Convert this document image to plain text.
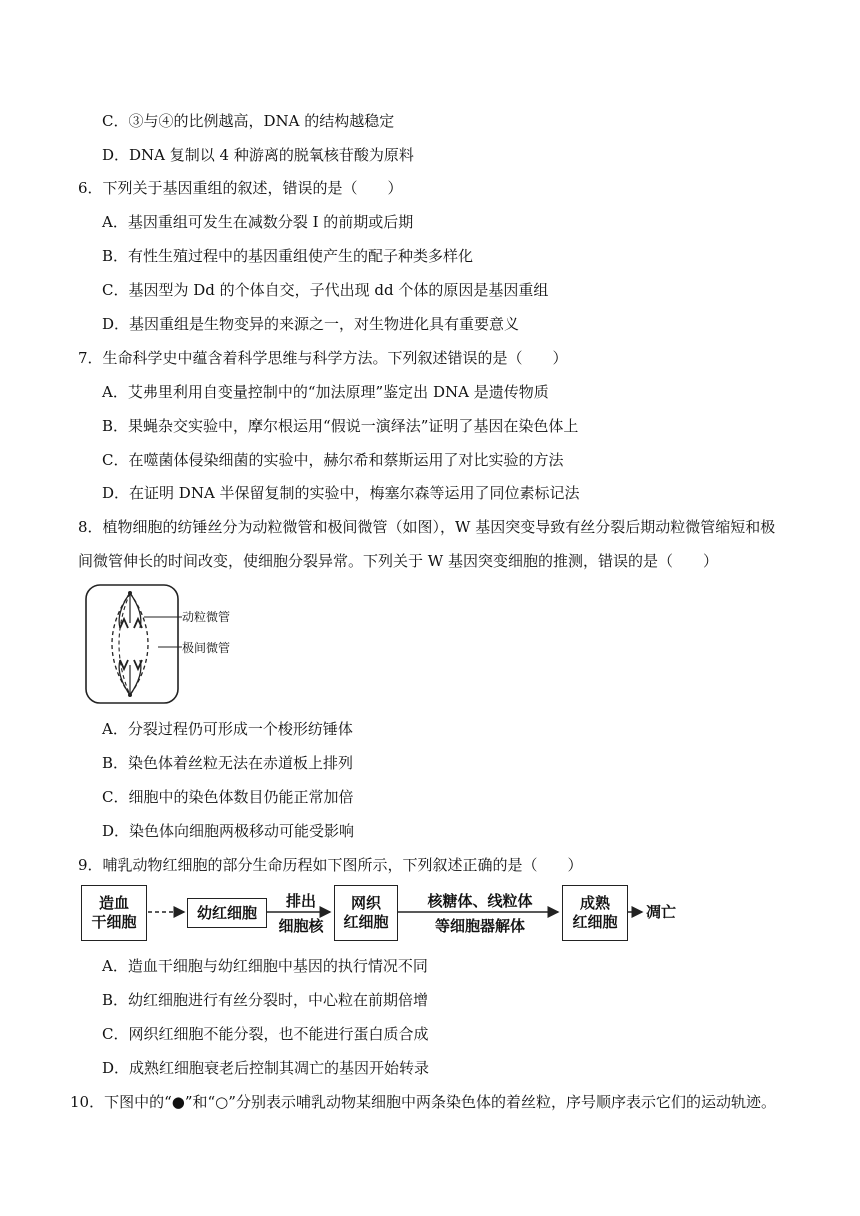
C．③与④的比例越高，DNA 的结构越稳定
D．DNA 复制以 4 种游离的脱氧核苷酸为原料
6．下列关于基因重组的叙述，错误的是（　　）
A．基因重组可发生在减数分裂 I 的前期或后期
B．有性生殖过程中的基因重组使产生的配子种类多样化
C．基因型为 Dd 的个体自交，子代出现 dd 个体的原因是基因重组
D．基因重组是生物变异的来源之一，对生物进化具有重要意义
7．生命科学史中蕴含着科学思维与科学方法。下列叙述错误的是（　　）
A．艾弗里利用自变量控制中的“加法原理”鉴定出 DNA 是遗传物质
B．果蝇杂交实验中，摩尔根运用“假说一演绎法”证明了基因在染色体上
C．在噬菌体侵染细菌的实验中，赫尔希和蔡斯运用了对比实验的方法
D．在证明 DNA 半保留复制的实验中，梅塞尔森等运用了同位素标记法
8．植物细胞的纺锤丝分为动粒微管和极间微管（如图），W 基因突变导致有丝分裂后期动粒微管缩短和极
间微管伸长的时间改变，使细胞分裂异常。下列关于 W 基因突变细胞的推测，错误的是（　　）
动粒微管
极间微管
A．分裂过程仍可形成一个梭形纺锤体
B．染色体着丝粒无法在赤道板上排列
C．细胞中的染色体数目仍能正常加倍
D．染色体向细胞两极移动可能受影响
9．哺乳动物红细胞的部分生命历程如下图所示，下列叙述正确的是（　　）
造血
干细胞
幼红细胞
排出
细胞核
网织
红细胞
核糖体、线粒体
等细胞器解体
成熟
红细胞
凋亡
A．造血干细胞与幼红细胞中基因的执行情况不同
B．幼红细胞进行有丝分裂时，中心粒在前期倍增
C．网织红细胞不能分裂，也不能进行蛋白质合成
D．成熟红细胞衰老后控制其凋亡的基因开始转录
10．下图中的“●”和“○”分别表示哺乳动物某细胞中两条染色体的着丝粒，序号顺序表示它们的运动轨迹。
